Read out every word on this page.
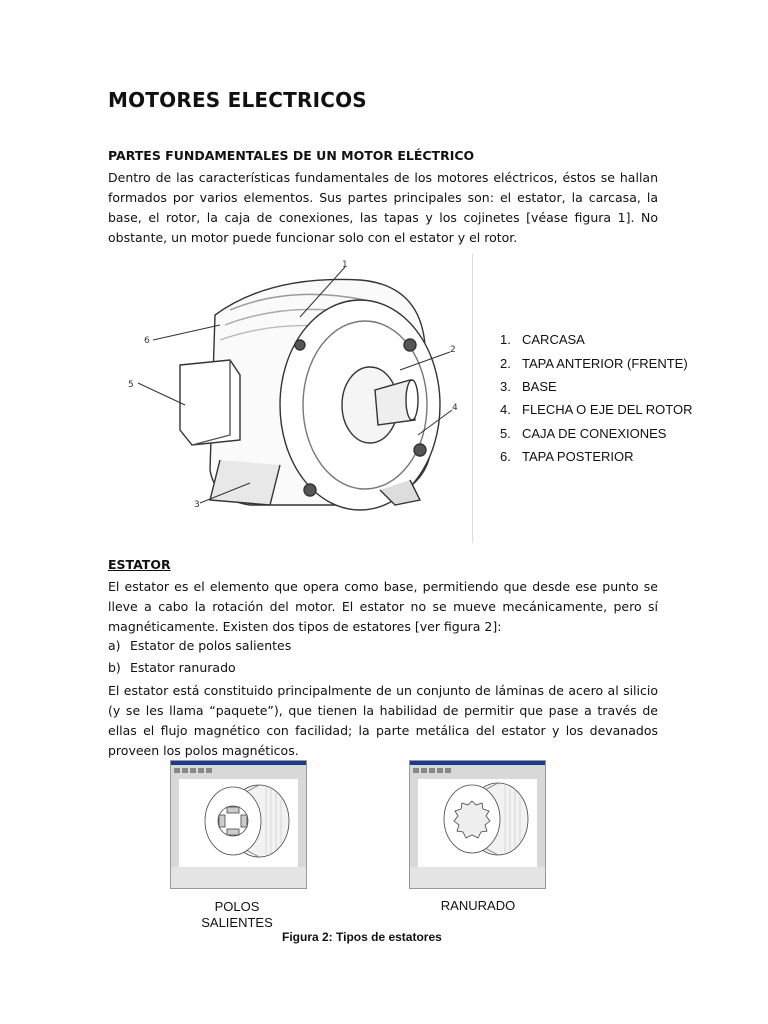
MOTORES ELECTRICOS
PARTES FUNDAMENTALES DE UN MOTOR ELÉCTRICO

Dentro de las características fundamentales de los motores eléctricos, éstos se hallan formados por varios elementos. Sus partes principales son: el estator, la carcasa, la base, el rotor, la caja de conexiones, las tapas y los cojinetes [véase figura 1]. No obstante, un motor puede funcionar solo con el estator y el rotor.

1
2
3
4
5
6	1. CARCASA
2. TAPA ANTERIOR (FRENTE)
3. BASE
4. FLECHA O EJE DEL ROTOR
5. CAJA DE CONEXIONES
6. TAPA POSTERIOR
ESTATOR

El estator es el elemento que opera como base, permitiendo que desde ese punto se lleve a cabo la rotación del motor. El estator no se mueve mecánicamente, pero sí magnéticamente. Existen dos tipos de estatores [ver figura 2]:

a) Estator de polos salientes
b) Estator ranurado

El estator está constituido principalmente de un conjunto de láminas de acero al silicio (y se les llama “paquete”), que tienen la habilidad de permitir que pase a través de ellas el flujo magnético con facilidad; la parte metálica del estator y los devanados proveen los polos magnéticos.

POLOS SALIENTES
RANURADO
Figura 2: Tipos de estatores
